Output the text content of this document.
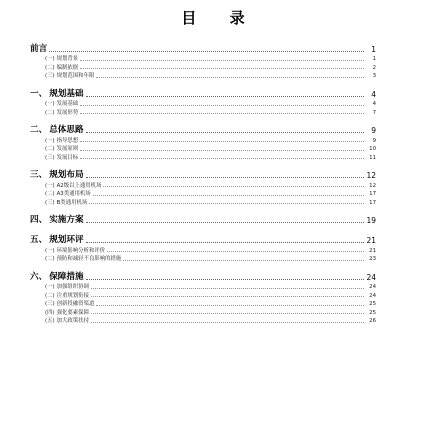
目 录
前言	1
(一) 规划背景	1
(二) 编制依据	2
(三) 规划范围和年限	3
一、 规划基础	4
(一) 发展基础	4
(二) 发展形势	7
二、 总体思路	9
(一) 指导思想	9
(二) 发展原则	10
(三) 发展目标	11
三、 规划布局	12
(一) A2级以上通用机场	12
(二) A3类通用机场	17
(三) B类通用机场	17
四、 实施方案	19
五、 规划环评	21
(一) 环境影响分析和评价	21
(二) 预防和减轻不良影响的措施	23
六、 保障措施	24
(一) 加强组织协调	24
(二) 注重规划衔接	24
(三) 创新投融资渠道	25
(四) 强化要素保障	25
(五) 加大政策扶持	26
